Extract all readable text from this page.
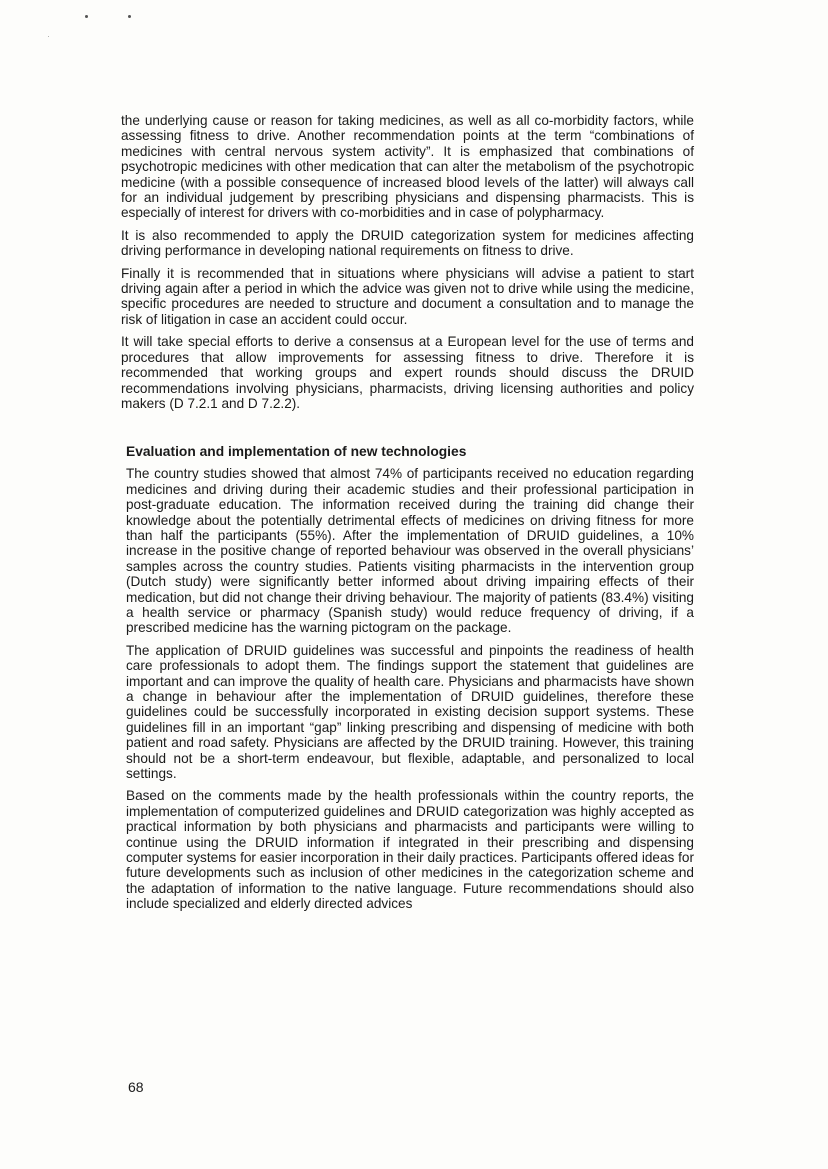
the underlying cause or reason for taking medicines, as well as all co-morbidity factors, while assessing fitness to drive. Another recommendation points at the term “combinations of medicines with central nervous system activity”. It is emphasized that combinations of psychotropic medicines with other medication that can alter the metabolism of the psychotropic medicine (with a possible consequence of increased blood levels of the latter) will always call for an individual judgement by prescribing physicians and dispensing pharmacists. This is especially of interest for drivers with co-morbidities and in case of polypharmacy.

It is also recommended to apply the DRUID categorization system for medicines affecting driving performance in developing national requirements on fitness to drive.

Finally it is recommended that in situations where physicians will advise a patient to start driving again after a period in which the advice was given not to drive while using the medicine, specific procedures are needed to structure and document a consultation and to manage the risk of litigation in case an accident could occur.

It will take special efforts to derive a consensus at a European level for the use of terms and procedures that allow improvements for assessing fitness to drive. Therefore it is recommended that working groups and expert rounds should discuss the DRUID recommendations involving physicians, pharmacists, driving licensing authorities and policy makers (D 7.2.1 and D 7.2.2).

Evaluation and implementation of new technologies

The country studies showed that almost 74% of participants received no education regarding medicines and driving during their academic studies and their professional participation in post-graduate education. The information received during the training did change their knowledge about the potentially detrimental effects of medicines on driving fitness for more than half the participants (55%). After the implementation of DRUID guidelines, a 10% increase in the positive change of reported behaviour was observed in the overall physicians’ samples across the country studies. Patients visiting pharmacists in the intervention group (Dutch study) were significantly better informed about driving impairing effects of their medication, but did not change their driving behaviour. The majority of patients (83.4%) visiting a health service or pharmacy (Spanish study) would reduce frequency of driving, if a prescribed medicine has the warning pictogram on the package.

The application of DRUID guidelines was successful and pinpoints the readiness of health care professionals to adopt them. The findings support the statement that guidelines are important and can improve the quality of health care. Physicians and pharmacists have shown a change in behaviour after the implementation of DRUID guidelines, therefore these guidelines could be successfully incorporated in existing decision support systems. These guidelines fill in an important “gap” linking prescribing and dispensing of medicine with both patient and road safety. Physicians are affected by the DRUID training. However, this training should not be a short-term endeavour, but flexible, adaptable, and personalized to local settings.

Based on the comments made by the health professionals within the country reports, the implementation of computerized guidelines and DRUID categorization was highly accepted as practical information by both physicians and pharmacists and participants were willing to continue using the DRUID information if integrated in their prescribing and dispensing computer systems for easier incorporation in their daily practices. Participants offered ideas for future developments such as inclusion of other medicines in the categorization scheme and the adaptation of information to the native language. Future recommendations should also include specialized and elderly directed advices

68
